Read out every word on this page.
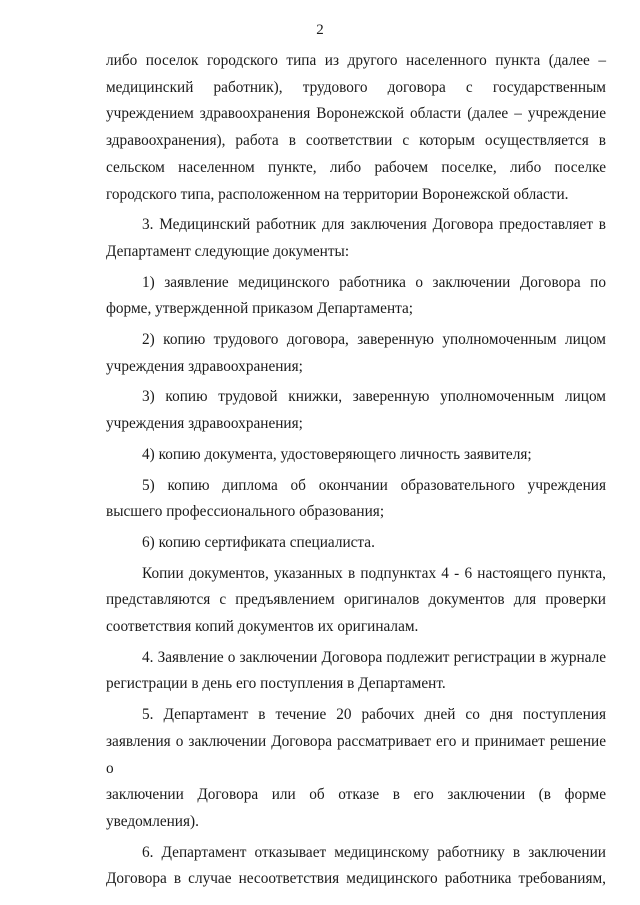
2

либо поселок городского типа из другого населенного пункта (далее –

медицинский работник), трудового договора с государственным

учреждением здравоохранения Воронежской области (далее – учреждение

здравоохранения), работа в соответствии с которым осуществляется в

сельском населенном пункте, либо рабочем поселке, либо поселке

городского типа, расположенном на территории Воронежской области.

3. Медицинский работник для заключения Договора предоставляет в

Департамент следующие документы:

1) заявление медицинского работника о заключении Договора по

форме, утвержденной приказом Департамента;

2) копию трудового договора, заверенную уполномоченным лицом

учреждения здравоохранения;

3) копию трудовой книжки, заверенную уполномоченным лицом

учреждения здравоохранения;

4) копию документа, удостоверяющего личность заявителя;

5) копию диплома об окончании образовательного учреждения

высшего профессионального образования;

6) копию сертификата специалиста.

Копии документов, указанных в подпунктах 4 - 6 настоящего пункта,

представляются с предъявлением оригиналов документов для проверки

соответствия копий документов их оригиналам.

4. Заявление о заключении Договора подлежит регистрации в журнале

регистрации в день его поступления в Департамент.

5. Департамент в течение 20 рабочих дней со дня поступления

заявления о заключении Договора рассматривает его и принимает решение о

заключении Договора или об отказе в его заключении (в форме

уведомления).

6. Департамент отказывает медицинскому работнику в заключении

Договора в случае несоответствия медицинского работника требованиям,
